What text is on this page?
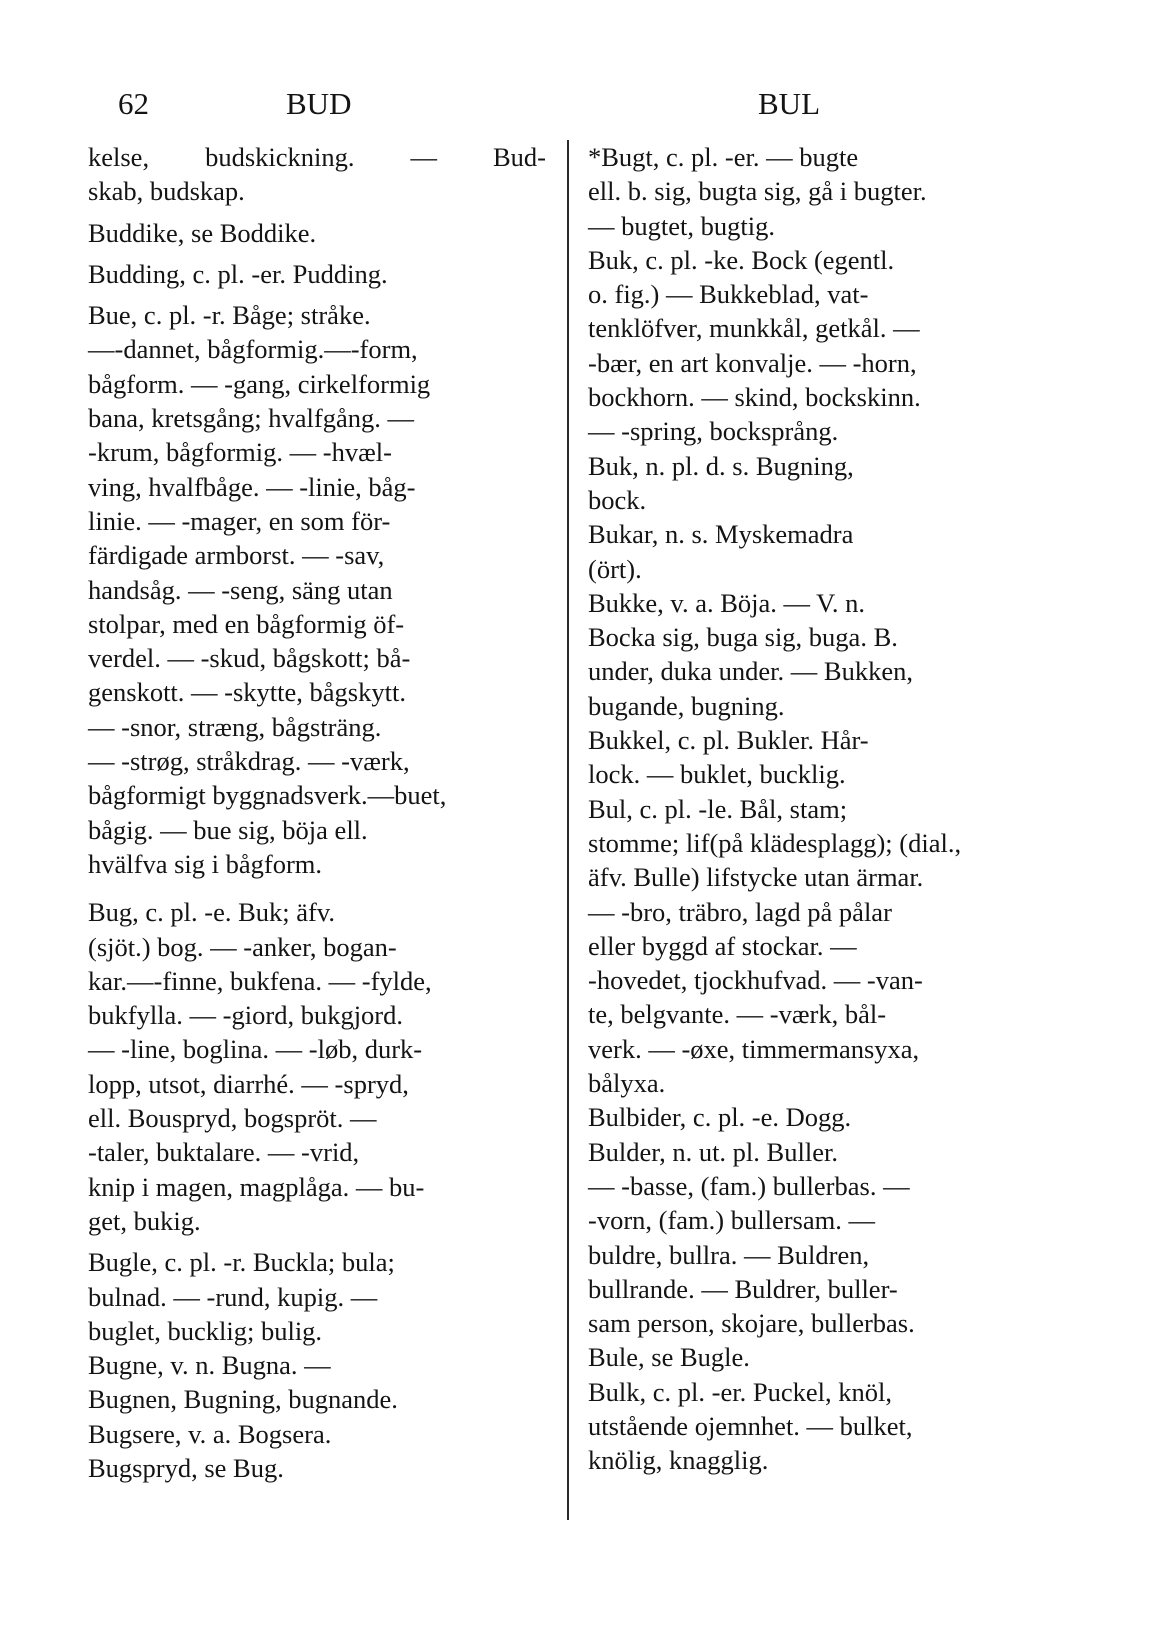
62	BUD	BUL
kelse, budskickning. — Bud-
skab, budskap.
Buddike, se Boddike.
Budding, c. pl. -er. Pudding.
Bue, c. pl. -r. Båge; stråke.
—-dannet, bågformig.—-form,
bågform. — -gang, cirkelformig
bana, kretsgång; hvalfgång. —
-krum, bågformig. — -hvæl-
ving, hvalfbåge. — -linie, båg-
linie. — -mager, en som för-
färdigade armborst. — -sav,
handsåg. — -seng, säng utan
stolpar, med en bågformig öf-
verdel. — -skud, bågskott; bå-
genskott. — -skytte, bågskytt.
— -snor, stræng, bågsträng.
— -strøg, stråkdrag. — -værk,
bågformigt byggnadsverk.—buet,
bågig. — bue sig, böja ell.
hvälfva sig i bågform.
Bug, c. pl. -e. Buk; äfv.
(sjöt.) bog. — -anker, bogan-
kar.—-finne, bukfena. — -fylde,
bukfylla. — -giord, bukgjord.
— -line, boglina. — -løb, durk-
lopp, utsot, diarrhé. — -spryd,
ell. Bouspryd, bogspröt. —
-taler, buktalare. — -vrid,
knip i magen, magplåga. — bu-
get, bukig.
Bugle, c. pl. -r. Buckla; bula;
bulnad. — -rund, kupig. —
buglet, bucklig; bulig.
Bugne, v. n. Bugna. —
Bugnen, Bugning, bugnande.
Bugsere, v. a. Bogsera.
Bugspryd, se Bug.
*Bugt, c. pl. -er. — bugte
ell. b. sig, bugta sig, gå i bugter.
— bugtet, bugtig.
Buk, c. pl. -ke. Bock (egentl.
o. fig.) — Bukkeblad, vat-
tenklöfver, munkkål, getkål. —
-bær, en art konvalje. — -horn,
bockhorn. — skind, bockskinn.
— -spring, bocksprång.
Buk, n. pl. d. s. Bugning,
bock.
Bukar, n. s. Myskemadra
(ört).
Bukke, v. a. Böja. — V. n.
Bocka sig, buga sig, buga. B.
under, duka under. — Bukken,
bugande, bugning.
Bukkel, c. pl. Bukler. Hår-
lock. — buklet, bucklig.
Bul, c. pl. -le. Bål, stam;
stomme; lif(på klädesplagg); (dial.,
äfv. Bulle) lifstycke utan ärmar.
— -bro, träbro, lagd på pålar
eller byggd af stockar. —
-hovedet, tjockhufvad. — -van-
te, belgvante. — -værk, bål-
verk. — -øxe, timmermansyxa,
bålyxa.
Bulbider, c. pl. -e. Dogg.
Bulder, n. ut. pl. Buller.
— -basse, (fam.) bullerbas. —
-vorn, (fam.) bullersam. —
buldre, bullra. — Buldren,
bullrande. — Buldrer, buller-
sam person, skojare, bullerbas.
Bule, se Bugle.
Bulk, c. pl. -er. Puckel, knöl,
utstående ojemnhet. — bulket,
knölig, knagglig.
